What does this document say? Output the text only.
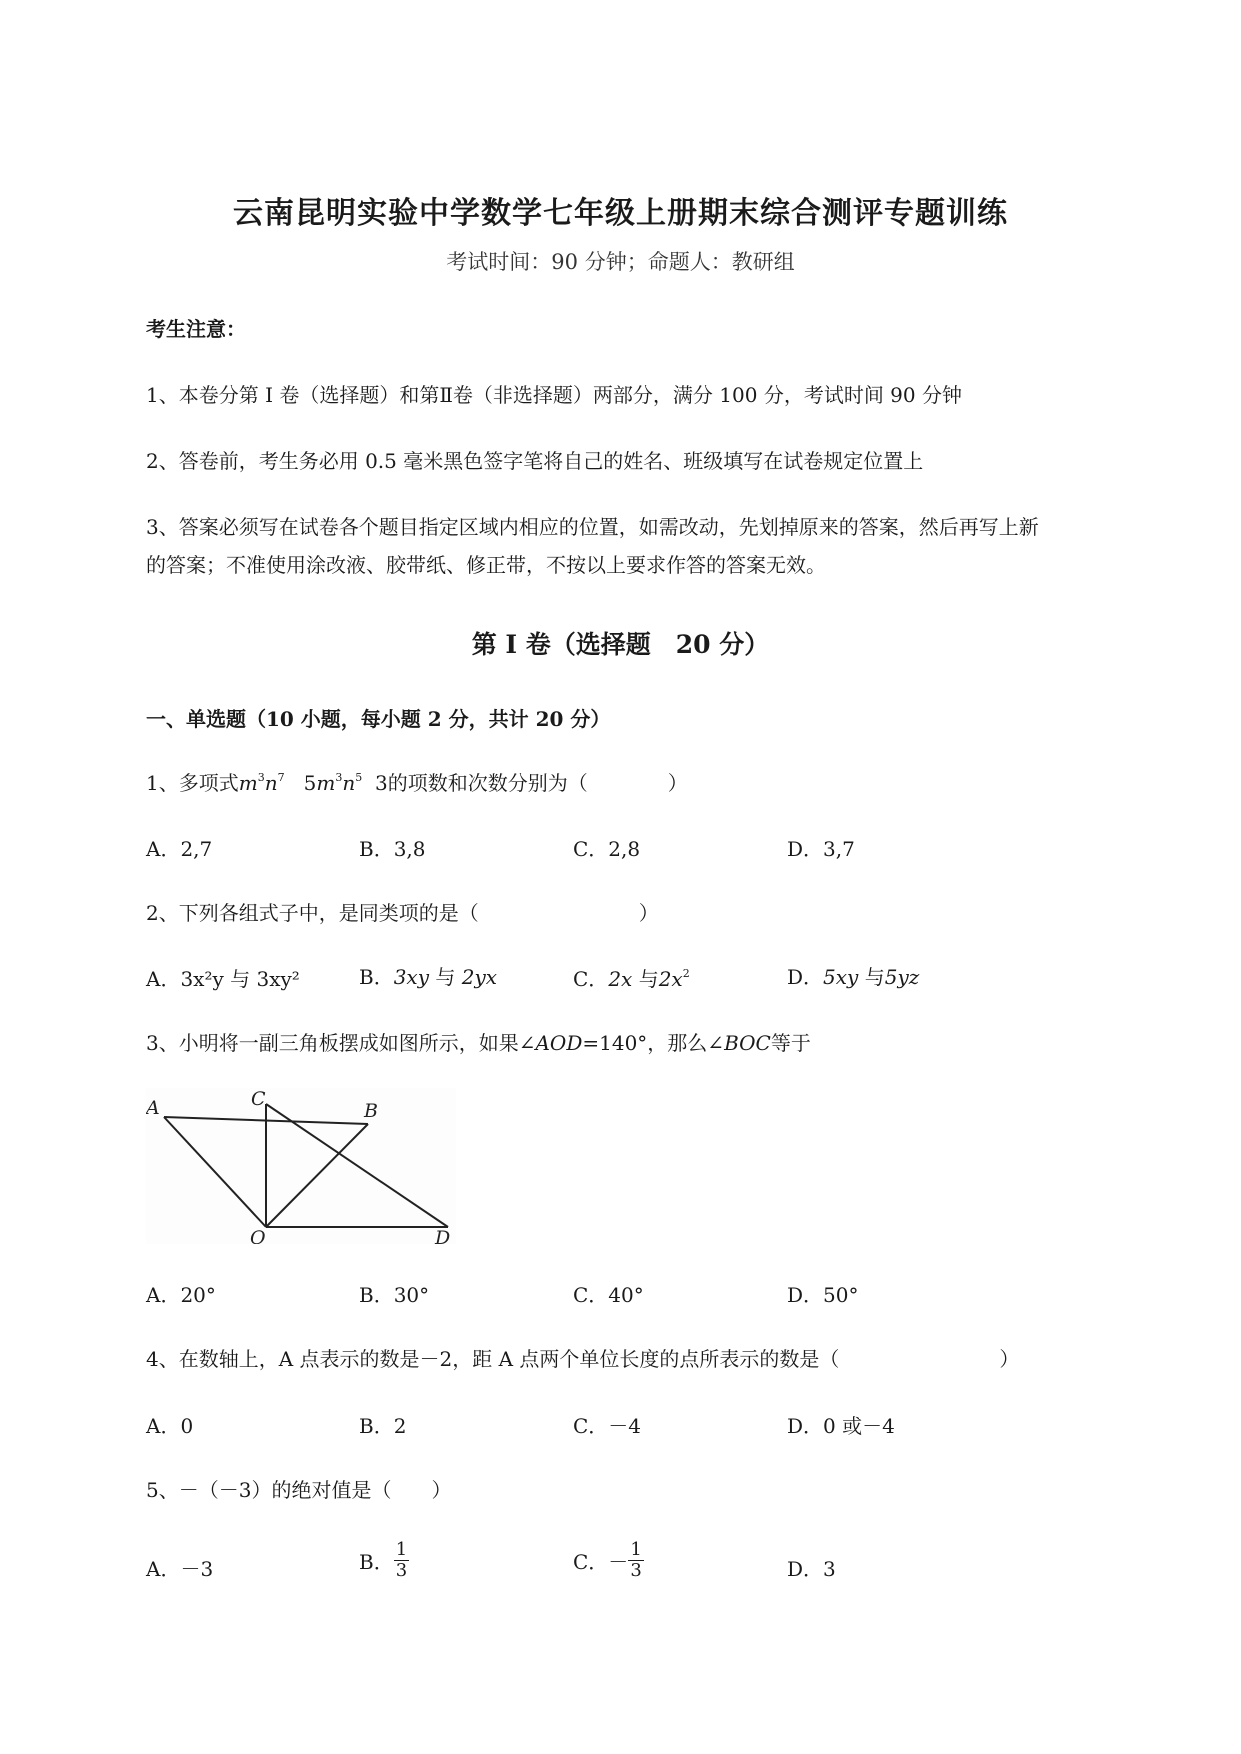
云南昆明实验中学数学七年级上册期末综合测评专题训练
考试时间：90 分钟；命题人：教研组
考生注意：
1、本卷分第 I 卷（选择题）和第Ⅱ卷（非选择题）两部分，满分 100 分，考试时间 90 分钟
2、答卷前，考生务必用 0.5 毫米黑色签字笔将自己的姓名、班级填写在试卷规定位置上
3、答案必须写在试卷各个题目指定区域内相应的位置，如需改动，先划掉原来的答案，然后再写上新
的答案；不准使用涂改液、胶带纸、修正带，不按以上要求作答的答案无效。
第 I 卷（选择题　20 分）
一、单选题（10 小题，每小题 2 分，共计 20 分）
1、多项式$m^3n^7$ $5m^3n^5$ 3的项数和次数分别为（　　　　）
A．2,7	B．3,8	C．2,8	D．3,7
2、下列各组式子中，是同类项的是（　　　　　　　　）
A．3x²y 与 3xy²	B．3xy 与 2yx	C．2x 与$2x^2$	D．5xy 与5yz
3、小明将一副三角板摆成如图所示，如果∠AOD=140°，那么∠BOC等于
A	C
B
O	D
A．20°	B．30°	C．40°	D．50°
4、在数轴上，A 点表示的数是－2，距 A 点两个单位长度的点所表示的数是（　　　　　　　　）
A．0	B．2	C．－4	D．0 或－4
5、－（－3）的绝对值是（　　）
A．－3	B． $\frac{1}{3}$	C．－ $\frac{1}{3}$	D．3
